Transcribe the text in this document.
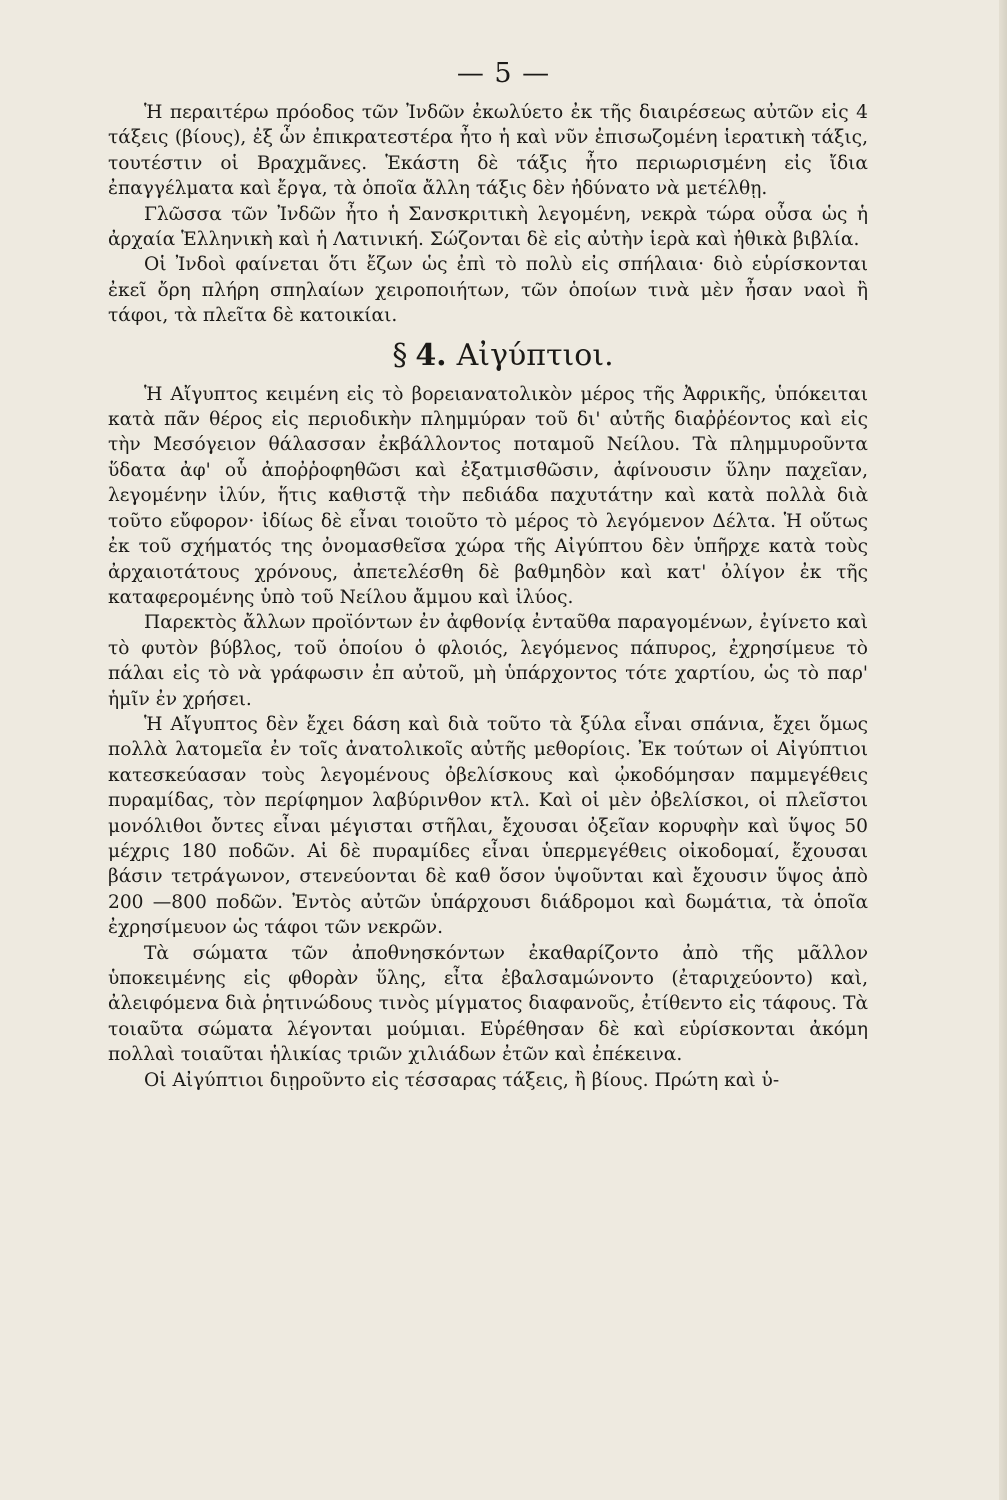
— 5 —

Ἡ περαιτέρω πρόοδος τῶν Ἰνδῶν ἐκωλύετο ἐκ τῆς διαιρέσεως αὐτῶν εἰς 4 τάξεις (βίους), ἐξ ὧν ἐπικρατεστέρα ἦτο ἡ καὶ νῦν ἐπισωζομένη ἱερατικὴ τάξις, τουτέστιν οἱ Βραχμᾶνες. Ἑκάστη δὲ τάξις ἦτο περιωρισμένη εἰς ἴδια ἐπαγγέλματα καὶ ἔργα, τὰ ὁποῖα ἄλλη τάξις δὲν ἠδύνατο νὰ μετέλθῃ.

Γλῶσσα τῶν Ἰνδῶν ἦτο ἡ Σανσκριτικὴ λεγομένη, νεκρὰ τώρα οὖσα ὡς ἡ ἀρχαία Ἑλληνικὴ καὶ ἡ Λατινική. Σώζονται δὲ εἰς αὐτὴν ἱερὰ καὶ ἠθικὰ βιβλία.

Οἱ Ἰνδοὶ φαίνεται ὅτι ἔζων ὡς ἐπὶ τὸ πολὺ εἰς σπήλαια· διὸ εὑρίσκονται ἐκεῖ ὄρη πλήρη σπηλαίων χειροποιήτων, τῶν ὁποίων τινὰ μὲν ἦσαν ναοὶ ἢ τάφοι, τὰ πλεῖτα δὲ κατοικίαι.

§ 4. Αἰγύπτιοι.

Ἡ Αἴγυπτος κειμένη εἰς τὸ βορειανατολικὸν μέρος τῆς Ἀφρικῆς, ὑπόκειται κατὰ πᾶν θέρος εἰς περιοδικὴν πλημμύραν τοῦ δι' αὐτῆς διαῤῥέοντος καὶ εἰς τὴν Μεσόγειον θάλασσαν ἐκβάλλοντος ποταμοῦ Νείλου. Τὰ πλημμυροῦντα ὕδατα ἀφ' οὗ ἀποῤῥοφηθῶσι καὶ ἐξατμισθῶσιν, ἀφίνουσιν ὕλην παχεῖαν, λεγομένην ἰλύν, ἥτις καθιστᾷ τὴν πεδιάδα παχυτάτην καὶ κατὰ πολλὰ διὰ τοῦτο εὔφορον· ἰδίως δὲ εἶναι τοιοῦτο τὸ μέρος τὸ λεγόμενον Δέλτα. Ἡ οὕτως ἐκ τοῦ σχήματός της ὀνομασθεῖσα χώρα τῆς Αἰγύπτου δὲν ὑπῆρχε κατὰ τοὺς ἀρχαιοτάτους χρόνους, ἀπετελέσθη δὲ βαθμηδὸν καὶ κατ' ὀλίγον ἐκ τῆς καταφερομένης ὑπὸ τοῦ Νείλου ἄμμου καὶ ἰλύος.

Παρεκτὸς ἄλλων προϊόντων ἐν ἀφθονίᾳ ἐνταῦθα παραγομένων, ἐγίνετο καὶ τὸ φυτὸν βύβλος, τοῦ ὁποίου ὁ φλοιός, λεγόμενος πάπυρος, ἐχρησίμευε τὸ πάλαι εἰς τὸ νὰ γράφωσιν ἐπ αὐτοῦ, μὴ ὑπάρχοντος τότε χαρτίου, ὡς τὸ παρ' ἡμῖν ἐν χρήσει.

Ἡ Αἴγυπτος δὲν ἔχει δάση καὶ διὰ τοῦτο τὰ ξύλα εἶναι σπάνια, ἔχει ὅμως πολλὰ λατομεῖα ἐν τοῖς ἀνατολικοῖς αὐτῆς μεθορίοις. Ἐκ τούτων οἱ Αἰγύπτιοι κατεσκεύασαν τοὺς λεγομένους ὀβελίσκους καὶ ᾠκοδόμησαν παμμεγέθεις πυραμίδας, τὸν περίφημον λαβύρινθον κτλ. Καὶ οἱ μὲν ὀβελίσκοι, οἱ πλεῖστοι μονόλιθοι ὄντες εἶναι μέγισται στῆλαι, ἔχουσαι ὀξεῖαν κορυφὴν καὶ ὕψος 50 μέχρις 180 ποδῶν. Αἱ δὲ πυραμίδες εἶναι ὑπερμεγέθεις οἰκοδομαί, ἔχουσαι βάσιν τετράγωνον, στενεύονται δὲ καθ ὅσον ὑψοῦνται καὶ ἔχουσιν ὕψος ἀπὸ 200 —800 ποδῶν. Ἐντὸς αὐτῶν ὑπάρχουσι διάδρομοι καὶ δωμάτια, τὰ ὁποῖα ἐχρησίμευον ὡς τάφοι τῶν νεκρῶν.

Τὰ σώματα τῶν ἀποθνησκόντων ἐκαθαρίζοντο ἀπὸ τῆς μᾶλλον ὑποκειμένης εἰς φθορὰν ὕλης, εἶτα ἐβαλσαμώνοντο (ἐταριχεύοντο) καὶ, ἀλειφόμενα διὰ ῥητινώδους τινὸς μίγματος διαφανοῦς, ἐτίθεντο εἰς τάφους. Τὰ τοιαῦτα σώματα λέγονται μούμιαι. Εὑρέθησαν δὲ καὶ εὑρίσκονται ἀκόμη πολλαὶ τοιαῦται ἡλικίας τριῶν χιλιάδων ἐτῶν καὶ ἐπέκεινα.

Οἱ Αἰγύπτιοι διῃροῦντο εἰς τέσσαρας τάξεις, ἢ βίους. Πρώτη καὶ ὑ-
